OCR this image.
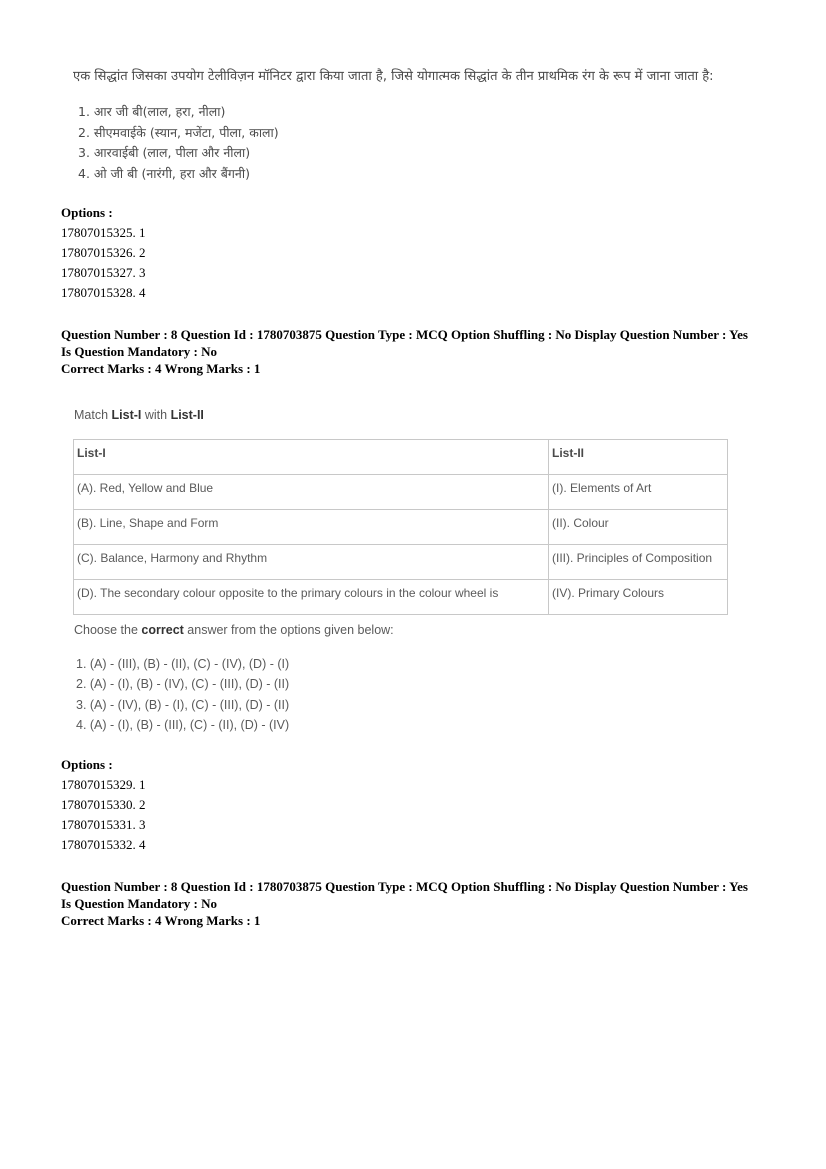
एक सिद्धांत जिसका उपयोग टेलीविज़न मॉनिटर द्वारा किया जाता है, जिसे योगात्मक सिद्धांत के तीन प्राथमिक रंग के रूप में जाना जाता है:
1. आर जी बी(लाल, हरा, नीला)
2. सीएमवाईके (स्यान, मजेंटा, पीला, काला)
3. आरवाईबी (लाल, पीला और नीला)
4. ओ जी बी (नारंगी, हरा और बैंगनी)
Options :
17807015325. 1
17807015326. 2
17807015327. 3
17807015328. 4
Question Number : 8 Question Id : 1780703875 Question Type : MCQ Option Shuffling : No Display Question Number : Yes
Is Question Mandatory : No
Correct Marks : 4 Wrong Marks : 1
Match List-I with List-II
List-I	List-II
(A). Red, Yellow and Blue	(I). Elements of Art
(B). Line, Shape and Form	(II). Colour
(C). Balance, Harmony and Rhythm	(III). Principles of Composition
(D). The secondary colour opposite to the primary colours in the colour wheel is	(IV). Primary Colours
Choose the correct answer from the options given below:
1. (A) - (III), (B) - (II), (C) - (IV), (D) - (I)
2. (A) - (I), (B) - (IV), (C) - (III), (D) - (II)
3. (A) - (IV), (B) - (I), (C) - (III), (D) - (II)
4. (A) - (I), (B) - (III), (C) - (II), (D) - (IV)
Options :
17807015329. 1
17807015330. 2
17807015331. 3
17807015332. 4
Question Number : 8 Question Id : 1780703875 Question Type : MCQ Option Shuffling : No Display Question Number : Yes
Is Question Mandatory : No
Correct Marks : 4 Wrong Marks : 1
